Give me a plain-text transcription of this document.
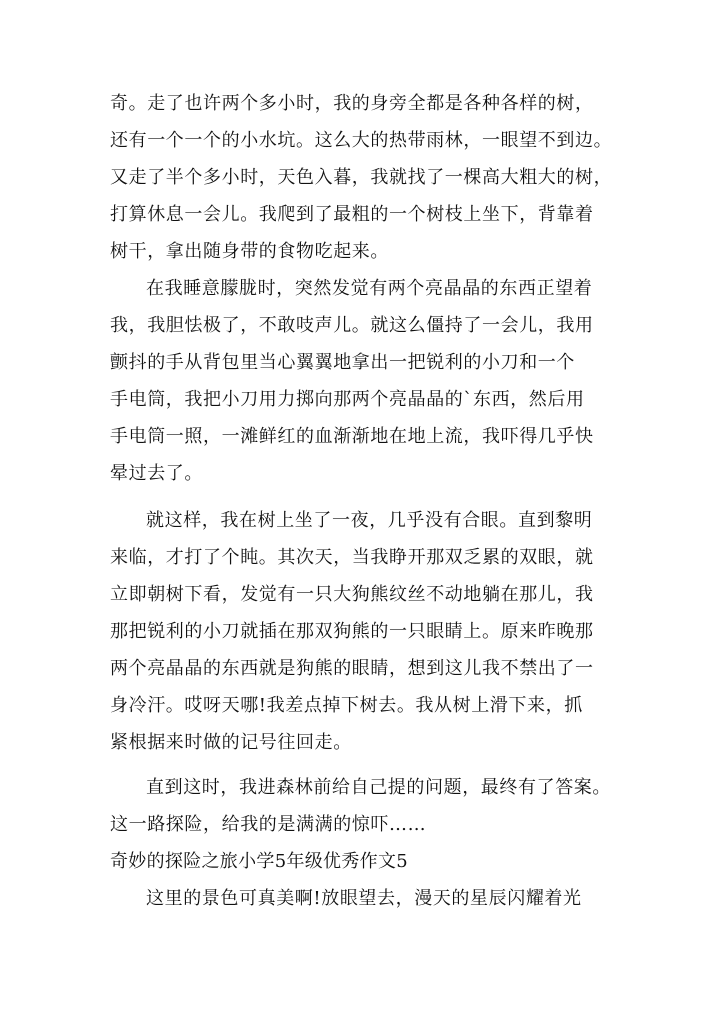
奇。走了也许两个多小时，我的身旁全都是各种各样的树，
还有一个一个的小水坑。这么大的热带雨林，一眼望不到边。
又走了半个多小时，天色入暮，我就找了一棵高大粗大的树，
打算休息一会儿。我爬到了最粗的一个树枝上坐下，背靠着
树干，拿出随身带的食物吃起来。
在我睡意朦胧时，突然发觉有两个亮晶晶的东西正望着
我，我胆怯极了，不敢吱声儿。就这么僵持了一会儿，我用
颤抖的手从背包里当心翼翼地拿出一把锐利的小刀和一个
手电筒，我把小刀用力掷向那两个亮晶晶的`东西，然后用
手电筒一照，一滩鲜红的血渐渐地在地上流，我吓得几乎快
晕过去了。
就这样，我在树上坐了一夜，几乎没有合眼。直到黎明
来临，才打了个盹。其次天，当我睁开那双乏累的双眼，就
立即朝树下看，发觉有一只大狗熊纹丝不动地躺在那儿，我
那把锐利的小刀就插在那双狗熊的一只眼睛上。原来昨晚那
两个亮晶晶的东西就是狗熊的眼睛，想到这儿我不禁出了一
身冷汗。哎呀天哪!我差点掉下树去。我从树上滑下来，抓
紧根据来时做的记号往回走。
直到这时，我进森林前给自己提的问题，最终有了答案。
这一路探险，给我的是满满的惊吓……
奇妙的探险之旅小学5年级优秀作文5
这里的景色可真美啊!放眼望去，漫天的星辰闪耀着光
